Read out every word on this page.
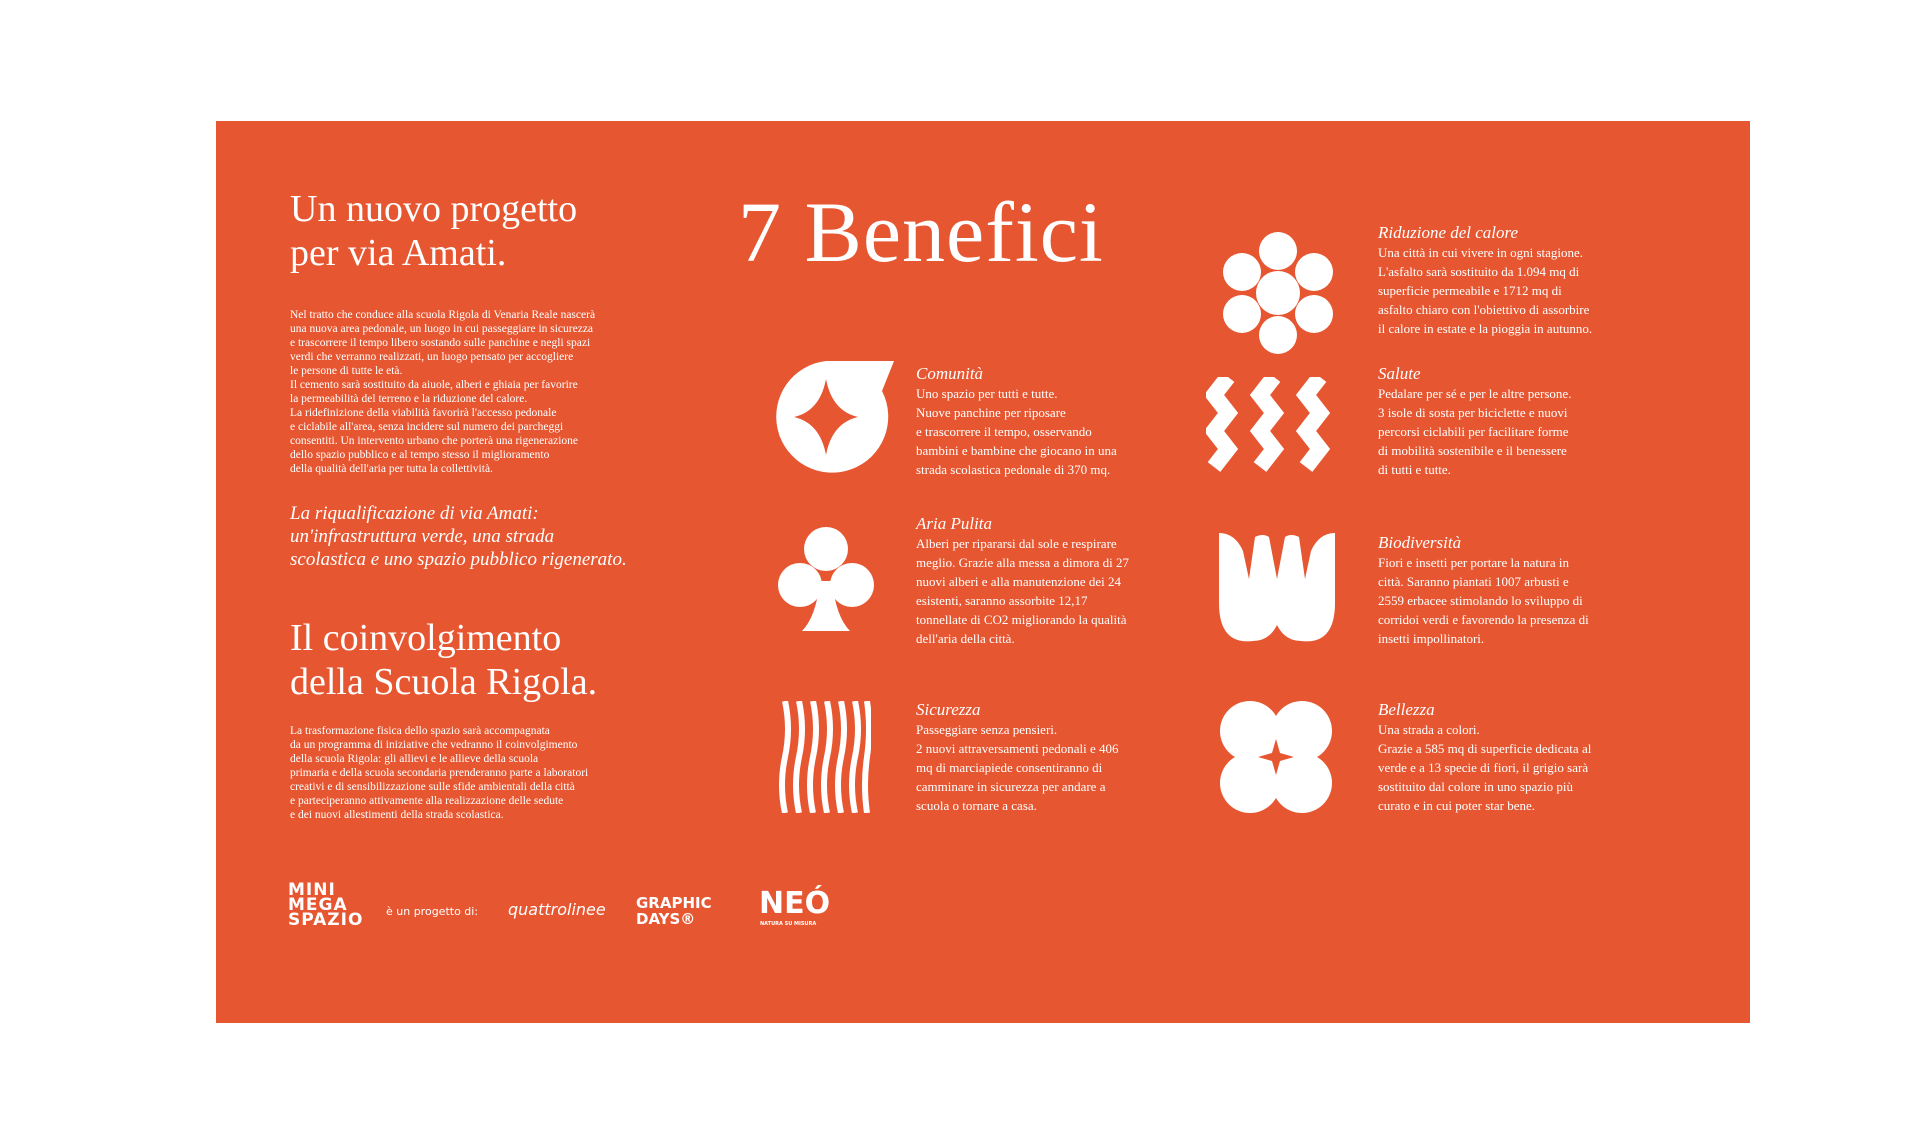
Un nuovo progetto
per via Amati.
Nel tratto che conduce alla scuola Rigola di Venaria Reale nascerà
una nuova area pedonale, un luogo in cui passeggiare in sicurezza
e trascorrere il tempo libero sostando sulle panchine e negli spazi
verdi che verranno realizzati, un luogo pensato per accogliere
le persone di tutte le età.
Il cemento sarà sostituito da aiuole, alberi e ghiaia per favorire
la permeabilità del terreno e la riduzione del calore.
La ridefinizione della viabilità favorirà l'accesso pedonale
e ciclabile all'area, senza incidere sul numero dei parcheggi
consentiti. Un intervento urbano che porterà una rigenerazione
dello spazio pubblico e al tempo stesso il miglioramento
della qualità dell'aria per tutta la collettività.
La riqualificazione di via Amati:
un'infrastruttura verde, una strada
scolastica e uno spazio pubblico rigenerato.
Il coinvolgimento
della Scuola Rigola.
La trasformazione fisica dello spazio sarà accompagnata
da un programma di iniziative che vedranno il coinvolgimento
della scuola Rigola: gli allievi e le allieve della scuola
primaria e della scuola secondaria prenderanno parte a laboratori
creativi e di sensibilizzazione sulle sfide ambientali della città
e parteciperanno attivamente alla realizzazione delle sedute
e dei nuovi allestimenti della strada scolastica.
MINI
MEGA
SPAZIO è un progetto di: quattrolinee GRAPHIC
DAYS®	NEÓ
NATURA SU MISURA
7 Benefici
Comunità
Uno spazio per tutti e tutte.
Nuove panchine per riposare
e trascorrere il tempo, osservando
bambini e bambine che giocano in una
strada scolastica pedonale di 370 mq.
Aria Pulita
Alberi per ripararsi dal sole e respirare
meglio. Grazie alla messa a dimora di 27
nuovi alberi e alla manutenzione dei 24
esistenti, saranno assorbite 12,17
tonnellate di CO2 migliorando la qualità
dell'aria della città.
Sicurezza
Passeggiare senza pensieri.
2 nuovi attraversamenti pedonali e 406
mq di marciapiede consentiranno di
camminare in sicurezza per andare a
scuola o tornare a casa.
Riduzione del calore
Una città in cui vivere in ogni stagione.
L'asfalto sarà sostituito da 1.094 mq di
superficie permeabile e 1712 mq di
asfalto chiaro con l'obiettivo di assorbire
il calore in estate e la pioggia in autunno.
Salute
Pedalare per sé e per le altre persone.
3 isole di sosta per biciclette e nuovi
percorsi ciclabili per facilitare forme
di mobilità sostenibile e il benessere
di tutti e tutte.
Biodiversità
Fiori e insetti per portare la natura in
città. Saranno piantati 1007 arbusti e
2559 erbacee stimolando lo sviluppo di
corridoi verdi e favorendo la presenza di
insetti impollinatori.
Bellezza
Una strada a colori.
Grazie a 585 mq di superficie dedicata al
verde e a 13 specie di fiori, il grigio sarà
sostituito dal colore in uno spazio più
curato e in cui poter star bene.
